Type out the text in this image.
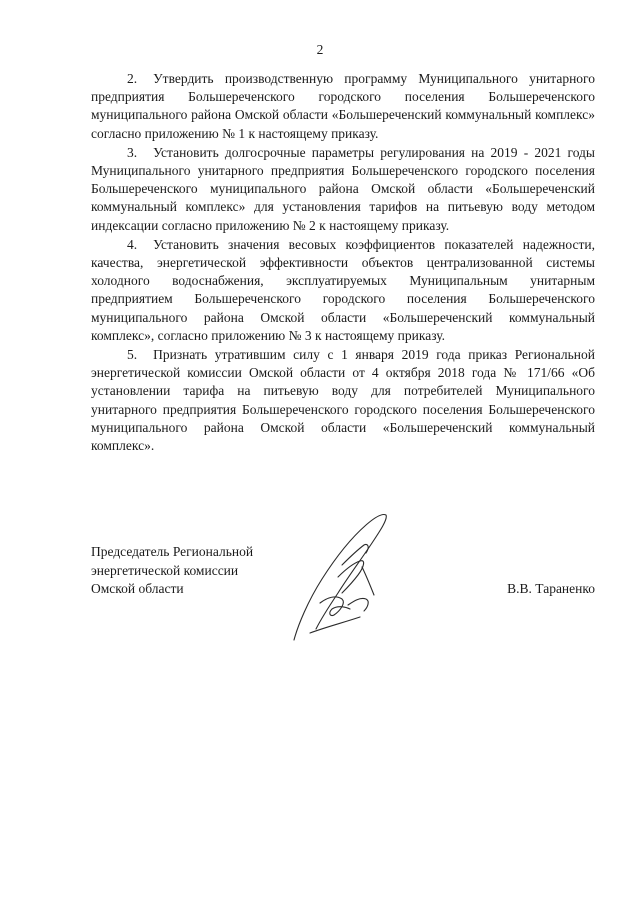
2

2. Утвердить производственную программу Муниципального унитарного предприятия Большереченского городского поселения Большереченского муниципального района Омской области «Большереченский коммунальный комплекс» согласно приложению № 1 к настоящему приказу.

3. Установить долгосрочные параметры регулирования на 2019 - 2021 годы Муниципального унитарного предприятия Большереченского городского поселения Большереченского муниципального района Омской области «Большереченский коммунальный комплекс» для установления тарифов на питьевую воду методом индексации согласно приложению № 2 к настоящему приказу.

4. Установить значения весовых коэффициентов показателей надежности, качества, энергетической эффективности объектов централизованной системы холодного водоснабжения, эксплуатируемых Муниципальным унитарным предприятием Большереченского городского поселения Большереченского муниципального района Омской области «Большереченский коммунальный комплекс», согласно приложению № 3 к настоящему приказу.

5. Признать утратившим силу с 1 января 2019 года приказ Региональной энергетической комиссии Омской области от 4 октября 2018 года № 171/66 «Об установлении тарифа на питьевую воду для потребителей Муниципального унитарного предприятия Большереченского городского поселения Большереченского муниципального района Омской области «Большереченский коммунальный комплекс».

Председатель Региональной
энергетической комиссии
Омской области	В.В. Тараненко
